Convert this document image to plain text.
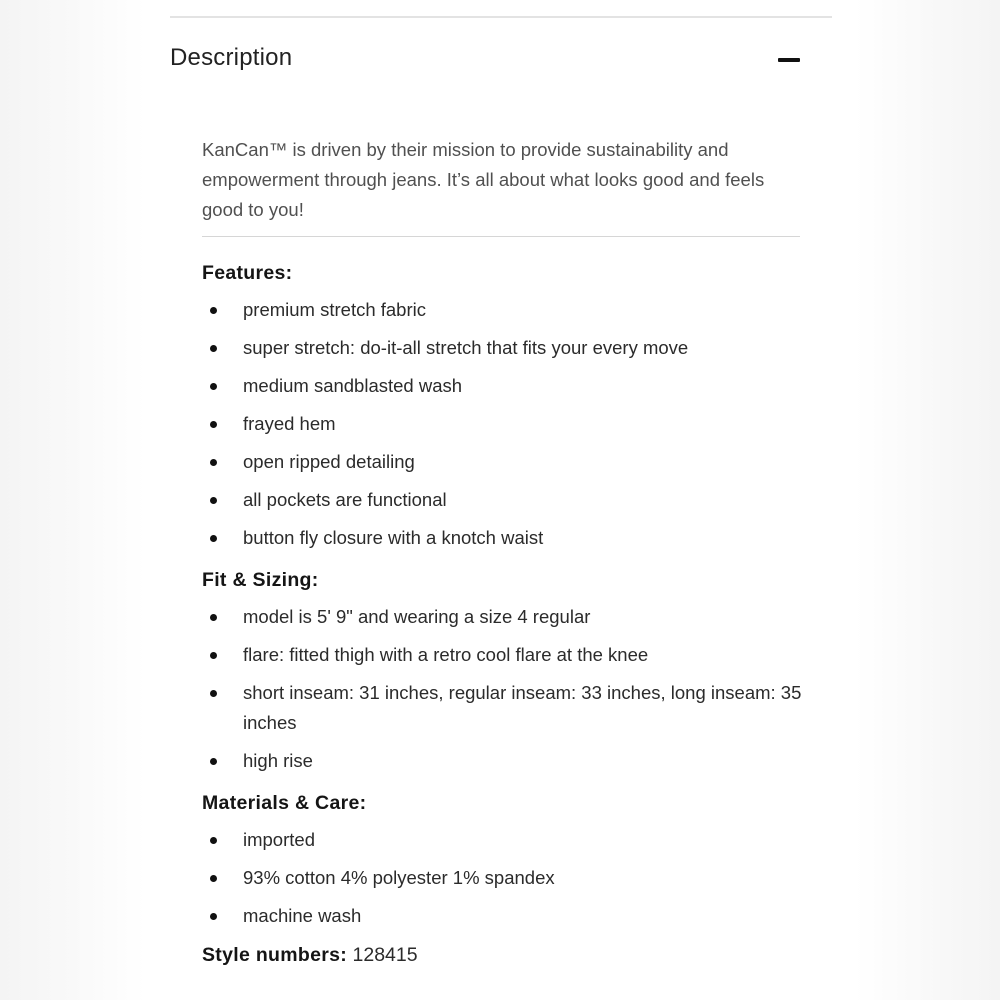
Description

KanCan™ is driven by their mission to provide sustainability and empowerment through jeans. It’s all about what looks good and feels good to you!

Features:
premium stretch fabric
super stretch: do-it-all stretch that fits your every move
medium sandblasted wash
frayed hem
open ripped detailing
all pockets are functional
button fly closure with a knotch waist
Fit & Sizing:
model is 5' 9" and wearing a size 4 regular
flare: fitted thigh with a retro cool flare at the knee
short inseam: 31 inches, regular inseam: 33 inches, long inseam: 35 inches
high rise
Materials & Care:
imported
93% cotton 4% polyester 1% spandex
machine wash

Style numbers: 128415
